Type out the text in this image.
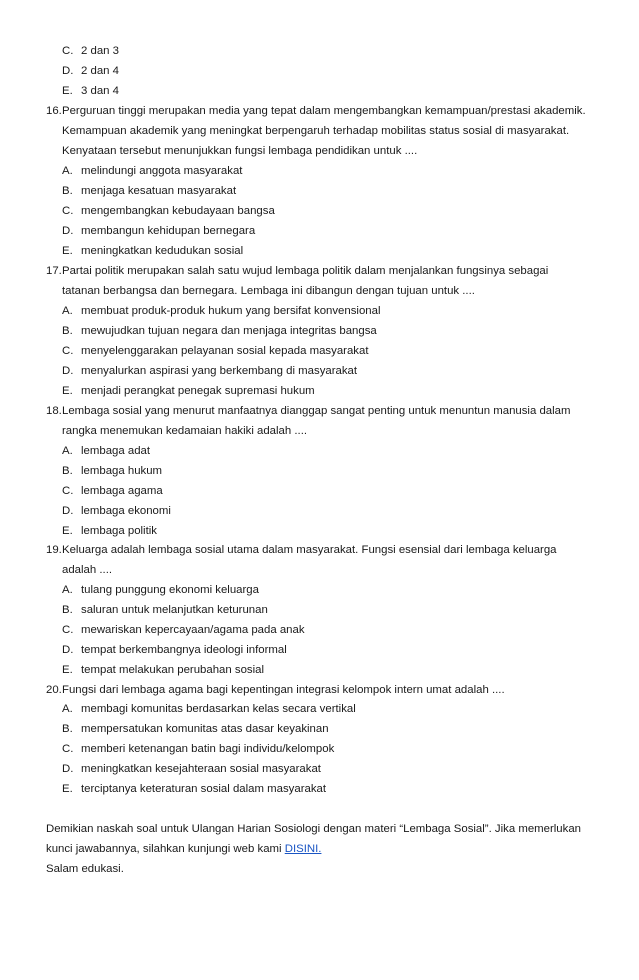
C. 2 dan 3
D. 2 dan 4
E. 3 dan 4
16. Perguruan tinggi merupakan media yang tepat dalam mengembangkan kemampuan/prestasi akademik.
Kemampuan akademik yang meningkat berpengaruh terhadap mobilitas status sosial di masyarakat.
Kenyataan tersebut menunjukkan fungsi lembaga pendidikan untuk ....
A. melindungi anggota masyarakat
B. menjaga kesatuan masyarakat
C. mengembangkan kebudayaan bangsa
D. membangun kehidupan bernegara
E. meningkatkan kedudukan sosial
17. Partai politik merupakan salah satu wujud lembaga politik dalam menjalankan fungsinya sebagai
tatanan berbangsa dan bernegara. Lembaga ini dibangun dengan tujuan untuk ....
A. membuat produk-produk hukum yang bersifat konvensional
B. mewujudkan tujuan negara dan menjaga integritas bangsa
C. menyelenggarakan pelayanan sosial kepada masyarakat
D. menyalurkan aspirasi yang berkembang di masyarakat
E. menjadi perangkat penegak supremasi hukum
18. Lembaga sosial yang menurut manfaatnya dianggap sangat penting untuk menuntun manusia dalam
rangka menemukan kedamaian hakiki adalah ....
A. lembaga adat
B. lembaga hukum
C. lembaga agama
D. lembaga ekonomi
E. lembaga politik
19. Keluarga adalah lembaga sosial utama dalam masyarakat. Fungsi esensial dari lembaga keluarga
adalah ....
A. tulang punggung ekonomi keluarga
B. saluran untuk melanjutkan keturunan
C. mewariskan kepercayaan/agama pada anak
D. tempat berkembangnya ideologi informal
E. tempat melakukan perubahan sosial
20. Fungsi dari lembaga agama bagi kepentingan integrasi kelompok intern umat adalah ....
A. membagi komunitas berdasarkan kelas secara vertikal
B. mempersatukan komunitas atas dasar keyakinan
C. memberi ketenangan batin bagi individu/kelompok
D. meningkatkan kesejahteraan sosial masyarakat
E. terciptanya keteraturan sosial dalam masyarakat
Demikian naskah soal untuk Ulangan Harian Sosiologi dengan materi “Lembaga Sosial”. Jika memerlukan
kunci jawabannya, silahkan kunjungi web kami DISINI.
Salam edukasi.
